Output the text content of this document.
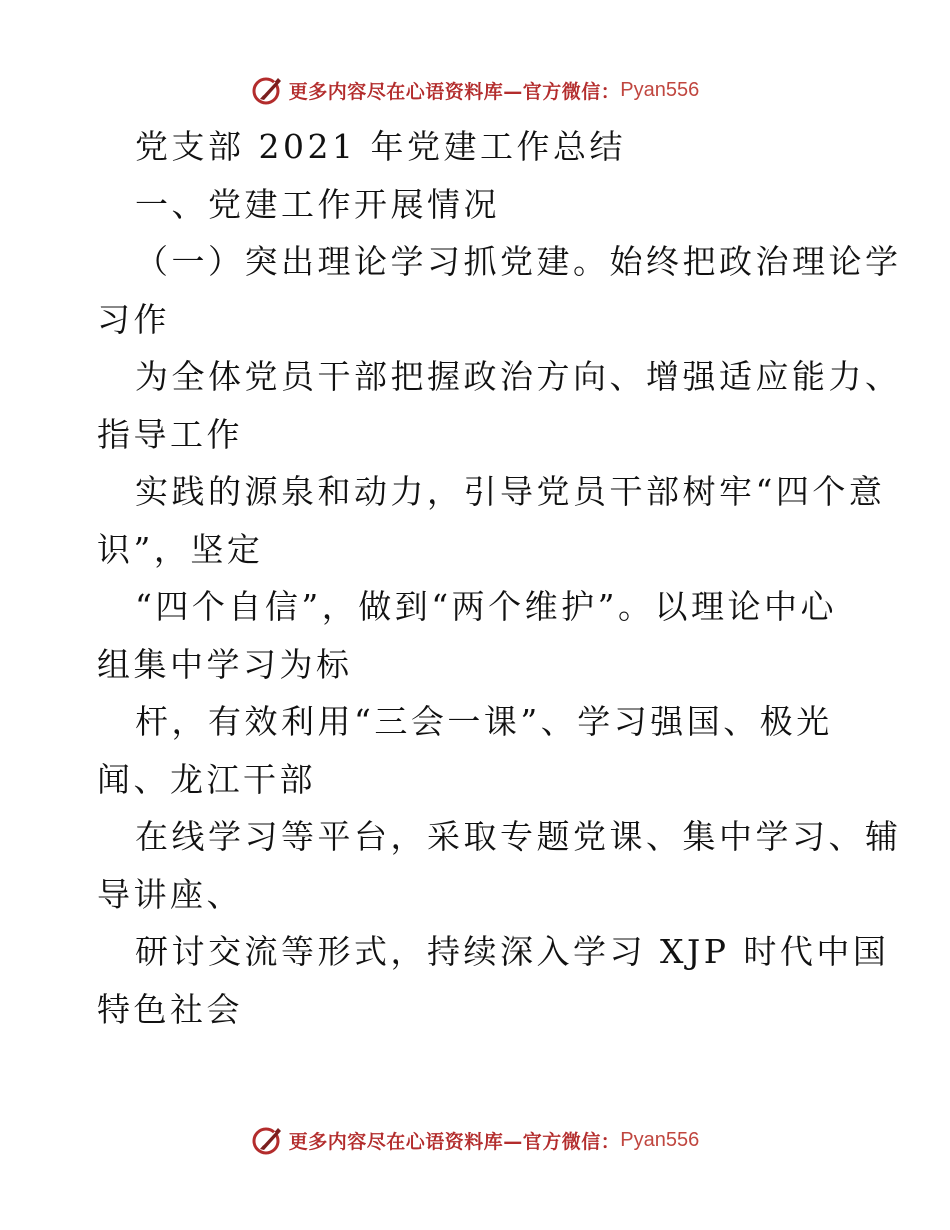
更多内容尽在心语资料库—官方微信： Pyan556
党支部 2021 年党建工作总结
一、党建工作开展情况
（一）突出理论学习抓党建。始终把政治理论学
习作
为全体党员干部把握政治方向、增强适应能力、
指导工作
实践的源泉和动力，引导党员干部树牢“四个意
识”，坚定
“四个自信”，做到“两个维护”。以理论中心
组集中学习为标
杆，有效利用“三会一课”、学习强国、极光
闻、龙江干部
在线学习等平台，采取专题党课、集中学习、辅
导讲座、
研讨交流等形式，持续深入学习 XJP 时代中国
特色社会
更多内容尽在心语资料库—官方微信： Pyan556
